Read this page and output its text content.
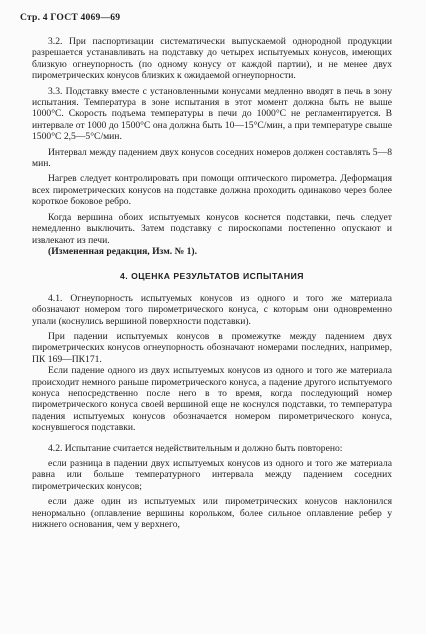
Стр. 4 ГОСТ 4069—69

3.2. При паспортизации систематически выпускаемой однородной продукции разрешается устанавливать на подставку до четырех испытуемых конусов, имеющих близкую огнеупорность (по одному конусу от каждой партии), и не менее двух пирометрических конусов близких к ожидаемой огнеупорности.

3.3. Подставку вместе с установленными конусами медленно вводят в печь в зону испытания. Температура в зоне испытания в этот момент должна быть не выше 1000°С. Скорость подъема температуры в печи до 1000°С не регламентируется. В интервале от 1000 до 1500°С она должна быть 10—15°С/мин, а при температуре свыше 1500°С 2,5—5°С/мин.

Интервал между падением двух конусов соседних номеров должен составлять 5—8 мин.

Нагрев следует контролировать при помощи оптического пирометра. Деформация всех пирометрических конусов на подставке должна проходить одинаково через более короткое боковое ребро.

Когда вершина обоих испытуемых конусов коснется подставки, печь следует немедленно выключить. Затем подставку с пироскопами постепенно опускают и извлекают из печи.

(Измененная редакция, Изм. № 1).

4. ОЦЕНКА РЕЗУЛЬТАТОВ ИСПЫТАНИЯ

4.1. Огнеупорность испытуемых конусов из одного и того же материала обозначают номером того пирометрического конуса, с которым они одновременно упали (коснулись вершиной поверхности подставки).

При падении испытуемых конусов в промежутке между падением двух пирометрических конусов огнеупорность обозначают номерами последних, например, ПК 169—ПК171.

Если падение одного из двух испытуемых конусов из одного и того же материала происходит немного раньше пирометрического конуса, а падение другого испытуемого конуса непосредственно после него в то время, когда последующий номер пирометрического конуса своей вершиной еще не коснулся подставки, то температура падения испытуемых конусов обозначается номером пирометрического конуса, коснувшегося подставки.

4.2. Испытание считается недействительным и должно быть повторено:

если разница в падении двух испытуемых конусов из одного и того же материала равна или больше температурного интервала между падением соседних пирометрических конусов;

если даже один из испытуемых или пирометрических конусов наклонился ненормально (оплавление вершины корольком, более сильное оплавление ребер у нижнего основания, чем у верхнего,
